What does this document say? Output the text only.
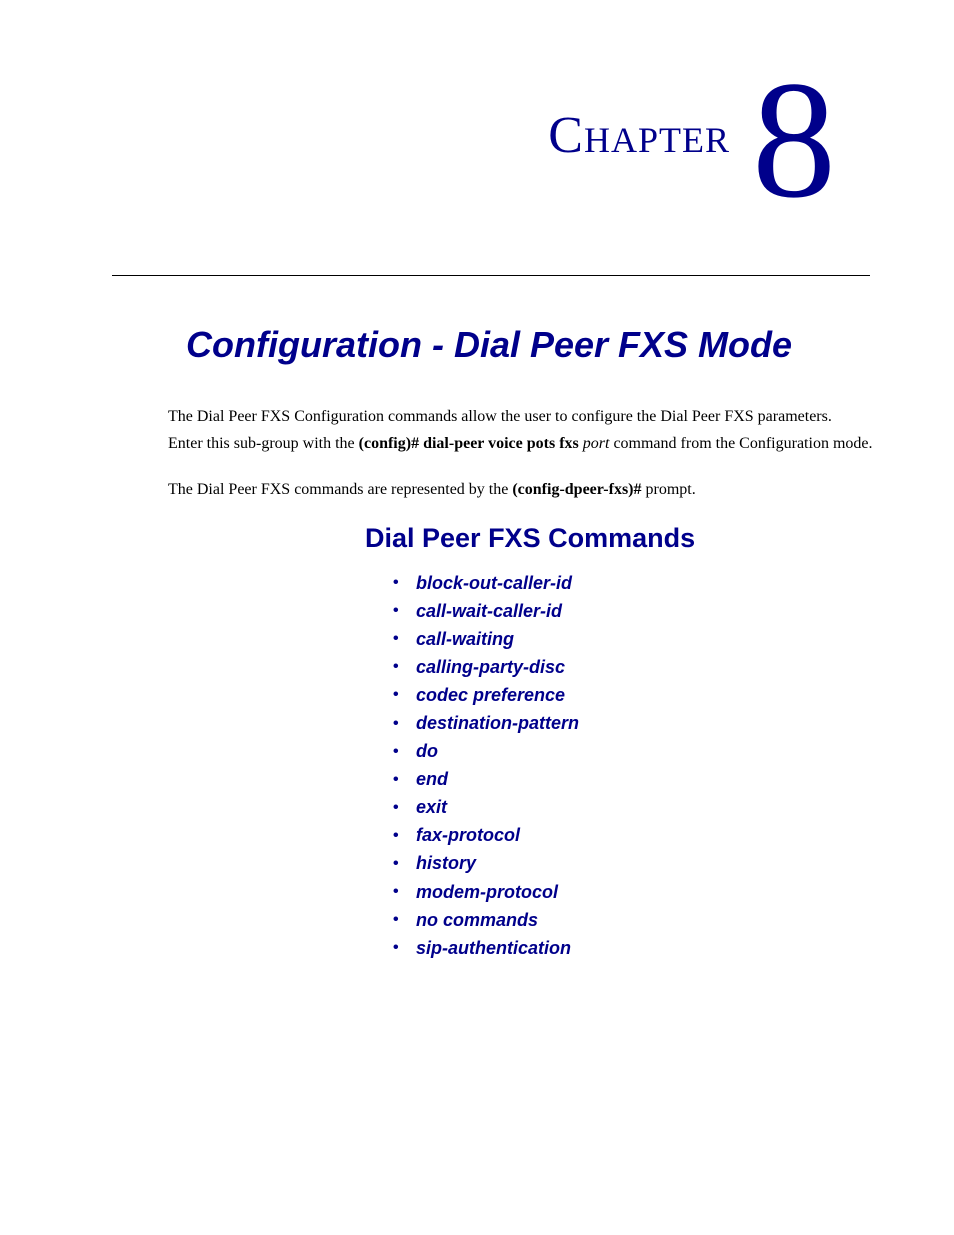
CHAPTER 8
Configuration - Dial Peer FXS Mode

The Dial Peer FXS Configuration commands allow the user to configure the Dial Peer FXS parameters.

Enter this sub-group with the (config)# dial-peer voice pots fxs port command from the Configuration mode.

The Dial Peer FXS commands are represented by the (config-dpeer-fxs)# prompt.

Dial Peer FXS Commands
• block-out-caller-id
• call-wait-caller-id
• call-waiting
• calling-party-disc
• codec preference
• destination-pattern
• do
• end
• exit
• fax-protocol
• history
• modem-protocol
• no commands
• sip-authentication
